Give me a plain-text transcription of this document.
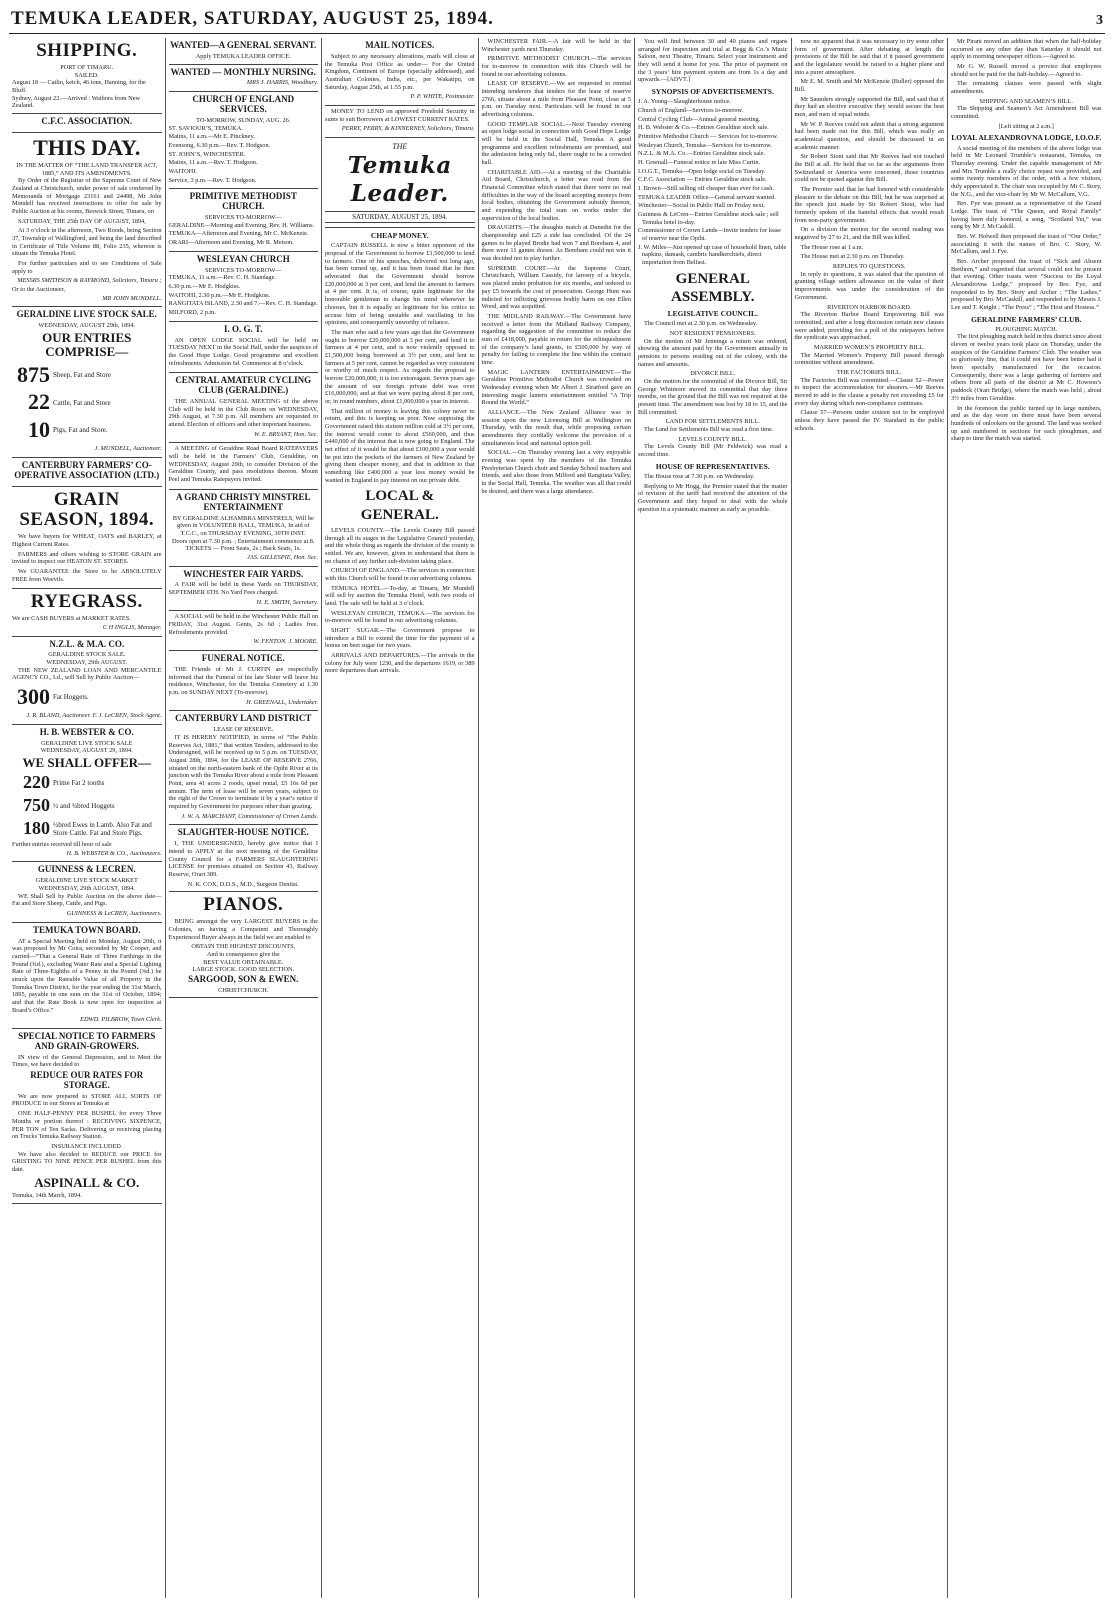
TEMUKA LEADER, SATURDAY, AUGUST 25, 1894.	3
SHIPPING.
PORT OF TIMARU.
SAILED.
August 18 — Catlin, ketch, 46 tons, Hanning, for the Bluff.
Sydney, August 22.—Arrived : Waihora from New Zealand.
C.F.C. ASSOCIATION.
THIS DAY.
IN THE MATTER OF “THE LAND TRANSFER ACT, 1885,” AND ITS AMENDMENTS.

By Order of the Registrar of the Supreme Court of New Zealand at Christchurch, under power of sale conferred by Memoranda of Mortgage 23161 and 24498, Mr John Mundell has received instructions to offer for sale by Public Auction at his rooms, Beswick Street, Timaru, on

SATURDAY, THE 25th DAY OF AUGUST, 1894,

At 3 o’clock in the afternoon, Two Roods, being Section 37, Township of Wallingford, and being the land described in Certificate of Title Volume 88, Folio 235, whereon is situate the Temuka Hotel.

For further particulars and to see Conditions of Sale apply to

MESSRS SMITHSON & RAYMOND, Solicitors, Timaru ;
Or to the Auctioneer,
MR JOHN MUNDELL.
GERALDINE LIVE STOCK SALE.
WEDNESDAY, AUGUST 29th, 1894.
OUR ENTRIES COMPRISE—
875 Sheep, Fat and Store
22 Cattle, Fat and Store
10 Pigs, Fat and Store.
J. MUNDELL, Auctioneer.
CANTERBURY FARMERS’ CO-OPERATIVE ASSOCIATION (LTD.)
GRAIN SEASON, 1894.

We have buyers for WHEAT, OATS and BARLEY, at Highest Current Rates.

FARMERS and others wishing to STORE GRAIN are invited to inspect our HEATON ST. STORES.

We GUARANTEE the Store to be ABSOLUTELY FREE from Weevils.

RYEGRASS.
We are CASH BUYERS at MARKET RATES.
C H INGLIS, Manager.
N.Z.L. & M.A. CO.
GERALDINE STOCK SALE.
WEDNESDAY, 29th AUGUST.

THE NEW ZEALAND LOAN AND MERCANTILE AGENCY CO., Ld., will Sell by Public Auction—

300 Fat Hoggets.
J. R. BLAND, Auctioneer. F. J. LeCREN, Stock Agent.
H. B. WEBSTER & CO.
GERALDINE LIVE STOCK SALE
WEDNESDAY, AUGUST 29, 1894.
WE SHALL OFFER—
220 Prime Fat 2 tooths
750 ½ and ¾bred Hoggets
180 ½bred Ewes in Lamb. Also Fat and Store Cattle. Fat and Store Pigs.
Further entries received till hour of sale
H. B. WEBSTER & CO., Auctioneers.
GUINNESS & LECREN.
GERALDINE LIVE STOCK MARKET
WEDNESDAY, 29th AUGUST, 1894.

WE Shall Sell by Public Auction on the above date— Fat and Store Sheep, Cattle, and Pigs.

GUINNESS & LeCREN, Auctioneers.
TEMUKA TOWN BOARD.

AT a Special Meeting held on Monday, August 20th, it was proposed by Mr Coira, seconded by Mr Cooper, and carried—“That a General Rate of Three Farthings in the Pound (¾d.), excluding Water Rate and a Special Lighting Rate of Three-Eighths of a Penny in the Pound (⅜d.) be struck upon the Rateable Value of all Property in the Temuka Town District, for the year ending the 31st March, 1895, payable in one sum on the 31st of October, 1894; and that the Rate Book is now open for inspection at Board’s Office.”

EDWD. PILBROW, Town Clerk.
SPECIAL NOTICE TO FARMERS AND GRAIN-GROWERS.

IN view of the General Depression, and to Meet the Times, we have decided to

REDUCE OUR RATES FOR STORAGE.

We are now prepared to STORE ALL SORTS OF PRODUCE in our Stores at Temuka at

ONE HALF-PENNY PER BUSHEL for every Three Months or portion thereof : RECEIVING SIXPENCE, PER TON of Ten Sacks. Delivering or receiving placing on Trucks Temuka Railway Station.

INSURANCE INCLUDED.

We have also decided to REDUCE our PRICE for GRISTING TO NINE PENCE PER BUSHEL from this date.

ASPINALL & CO.
Temuka, 14th March, 1894.
WANTED—A GENERAL SERVANT.
Apply TEMUKA LEADER OFFICE.
WANTED — MONTHLY NURSING.
MRS J. HARRIS, Woodbury.
CHURCH OF ENGLAND SERVICES.
TO-MORROW, SUNDAY, AUG. 26.
ST. SAVIOUR’S, TEMUKA.
Matins, 11 a.m.—Mr E. Pinckney.
Evensong, 6.30 p.m.—Rev. T. Hodgson.
ST. JOHN’S, WINCHESTER.
Matins, 11 a.m.—Rev. T. Hodgson.
WAITOHI.
Service, 3 p.m.—Rev. T. Hodgson.
PRIMITIVE METHODIST CHURCH.
SERVICES TO-MORROW—
GERALDINE—Morning and Evening, Rev. H. Williams.
TEMUKA—Afternoon and Evening, Mr C. McKenzie.
ORARI—Afternoon and Evening, Mr R. Metson.
WESLEYAN CHURCH
SERVICES TO-MORROW—
TEMUKA, 11 a.m.—Rev. C. H. Standage.
6.30 p.m.—Mr E. Hodgkiss.
WAITOHI, 2.30 p.m.—Mr E. Hodgkiss.
RANGITATA ISLAND, 2.30 and 7.—Rev. C. H. Standage.
MILFORD, 2 p.m.
I. O. G. T.

AN OPEN LODGE SOCIAL will be held on TUESDAY NEXT in the Social Hall, under the auspices of the Good Hope Lodge. Good programme and excellent refreshments. Admission 6d. Commence at 8 o’clock.

CENTRAL AMATEUR CYCLING CLUB (GERALDINE.)

THE ANNUAL GENERAL MEETING of the above Club will be held in the Club Room on WEDNESDAY, 29th August, at 7.30 p.m. All members are requested to attend. Election of officers and other important business.

W. E. BRYANT, Hon. Sec.

A MEETING of Geraldine Road Board RATEPAYERS will be held in the Farmers’ Club, Geraldine, on WEDNESDAY, August 29th, to consider Division of the Geraldine County, and pass resolutions thereon. Mount Peel and Temuka Ratepayers invited.

A GRAND CHRISTY MINSTREL ENTERTAINMENT
BY GERALDINE ALHAMBRA MINSTRELS, Will be given in VOLUNTEER HALL, TEMUKA, In aid of T.C.C., on THURSDAY EVENING, 30TH INST.
Doors open at 7.30 p.m. ; Entertainment commence at 8.
TICKETS — Front Seats, 2s ; Back Seats, 1s.
JAS. GILLESPIE, Hon. Sec.
WINCHESTER FAIR YARDS.

A FAIR will be held in these Yards on THURSDAY, SEPTEMBER 6TH. No Yard Fees charged.

H. E. SMITH, Secretary.

A SOCIAL will be held in the Winchester Public Hall on FRIDAY, 31st August. Gents, 2s 6d ; Ladies free. Refreshments provided.

W. FENTON. J. MOORE.
FUNERAL NOTICE.

THE Friends of Mr J. CURTIN are respectfully informed that the Funeral of his late Sister will leave his residence, Winchester, for the Temuka Cemetery at 1.30 p.m. on SUNDAY NEXT (To-morrow).

H. GREENALL, Undertaker.
CANTERBURY LAND DISTRICT
LEASE OF RESERVE.

IT IS HEREBY NOTIFIED, in terms of “The Public Reserves Act, 1881,” that written Tenders, addressed to the Undersigned, will be received up to 5 p.m. on TUESDAY, August 28th, 1894, for the LEASE OF RESERVE 2766, situated on the north-eastern bank of the Opihi River at its junction with the Temuka River about a mile from Pleasant Point, area 41 acres 2 roods, upset rental, £5 16s 6d per annum. The term of lease will be seven years, subject to the right of the Crown to terminate it by a year’s notice if required by Government for purposes other than grazing.

J. W. A. MARCHANT, Commissioner of Crown Lands.
SLAUGHTER-HOUSE NOTICE.

I, THE UNDERSIGNED, hereby give notice that I intend to APPLY at the next meeting of the Geraldine County Council for a FARMERS SLAUGHTERING LICENSE for premises situated on Section 43, Railway Reserve, Orari 389.

N. K. COX, D.D.S., M.D., Surgeon Dentist.
PIANOS.

BEING amongst the very LARGEST BUYERS in the Colonies, an having a Competent and Thoroughly Experienced Buyer always in the field we are enabled to

OBTAIN THE HIGHEST DISCOUNTS,
And in consequence give the
BEST VALUE OBTAINABLE.
LARGE STOCK. GOOD SELECTION.
SARGOOD, SON & EWEN.
CHRISTCHURCH.
MAIL NOTICES.

Subject to any necessary alterations, mails will close at the Temuka Post Office as under— For the United Kingdom, Continent of Europe (specially addressed), and Australian Colonies, India, etc., per Wakatipu, on Saturday, August 25th, at 1.55 p.m.

P. P. WHITE, Postmaster.

MONEY TO LEND on approved Freehold Security in sums to suit Borrowers at LOWEST CURRENT RATES.

PERRY, PERRY, & KINNERNEY, Solicitors, Timaru.
THE
Temuka Leader.
SATURDAY, AUGUST 25, 1894.
CHEAP MONEY.

CAPTAIN RUSSELL is now a bitter opponent of the proposal of the Government to borrow £1,500,000 to lend to farmers. One of his speeches, delivered not long ago, has been turned up, and it has been found that he then advocated that the Government should borrow £20,000,000 at 3 per cent, and lend the amount to farmers at 4 per cent. It is, of course, quite legitimate for the honorable gentleman to change his mind whenever he chooses, but it is equally so legitimate for his critics to accuse him of being unstable and vacillating in his opinions, and consequently unworthy of reliance.

The man who said a few years ago that the Government ought to borrow £20,000,000 at 3 per cent, and lend it to farmers at 4 per cent, and is now violently opposed to £1,500,000 being borrowed at 3½ per cent, and lent to farmers at 5 per cent, cannot be regarded as very consistent or worthy of much respect. As regards the proposal to borrow £20,000,000, it is too extravagant. Seven years ago the amount of our foreign private debt was over £16,000,000, and at that we were paying about 8 per cent, or, in round numbers, about £1,000,000 a year in interest.

That million of money is leaving this colony never to return, and this is keeping us poor. Now supposing the Government raised this sixteen million cold at 3½ per cent, the interest would come to about £560,000, and thus £440,000 of the interest that is now going to England. The net effect of it would be that about £100,000 a year would be put into the pockets of the farmers of New Zealand by giving them cheaper money, and that in addition to that something like £400,000 a year less money would be wanted in England to pay interest on our private debt.

LOCAL & GENERAL.

LEVELS COUNTY.—The Levels County Bill passed through all its stages in the Legislative Council yesterday, and the whole thing as regards the division of the county is settled. We are, however, given to understand that there is no chance of any further sub-division taking place.

CHURCH OF ENGLAND.—The services in connection with this Church will be found in our advertising columns.

TEMUKA HOTEL.—To-day, at Timaru, Mr Mundell will sell by auction the Temuka Hotel, with two roods of land. The sale will be held at 3 o’clock.

WESLEYAN CHURCH, TEMUKA.—The services for to-morrow will be found in our advertising columns.

SIGHT SUGAR.—The Government propose to introduce a Bill to extend the time for the payment of a bonus on beet sugar for two years.

ARRIVALS AND DEPARTURES.—The arrivals in the colony for July were 1230, and the departures 1619, or 389 more departures than arrivals.

WINCHESTER FAIR.—A fair will be held in the Winchester yards next Thursday.

PRIMITIVE METHODIST CHURCH.—The services for to-morrow in connection with this Church will be found in our advertising columns.

LEASE OF RESERVE.—We are requested to remind intending tenderers that tenders for the lease of reserve 2766, situate about a mile from Pleasant Point, close at 5 p.m. on Tuesday next. Particulars will be found in our advertising columns.

GOOD TEMPLAR SOCIAL.—Next Tuesday evening an open lodge social in connection with Good Hope Lodge will be held in the Social Hall, Temuka. A good programme and excellent refreshments are promised, and the admission being only 6d., there ought to be a crowded hall.

CHARITABLE AID.—At a meeting of the Charitable Aid Board, Christchurch, a letter was read from the Financial Committee which stated that there were no real difficulties in the way of the board accepting moneys from local bodies, obtaining the Government subsidy thereon, and expending the total sum on works under the supervision of the local bodies.

DRAUGHTS.—The draughts match at Dunedin for the championship and £25 a side has concluded. Of the 24 games to be played Brodie had won 7 and Boreham 4, and there were 11 games drawn. As Boreham could not win it was decided not to play further.

SUPREME COURT.—At the Supreme Court, Christchurch, William Cassidy, for larceny of a bicycle, was placed under probation for six months, and ordered to pay £5 towards the cost of prosecution. George Hunt was indicted for inflicting grievous bodily harm on one Ellen Wood, and was acquitted.

THE MIDLAND RAILWAY.—The Government have received a letter from the Midland Railway Company, regarding the suggestion of the committee to reduce the sum of £418,000, payable in return for the relinquishment of the company’s land grants, to £500,000 by way of penalty for failing to complete the line within the contract time.

MAGIC LANTERN ENTERTAINMENT.—The Geraldine Primitive Methodist Church was crowded on Wednesday evening when Mr Albert J. Stratford gave an interesting magic lantern entertainment entitled “A Trip Round the World.”

ALLIANCE.—The New Zealand Alliance was in session upon the new Licensing Bill at Wellington on Thursday, with the result that, while proposing certain amendments they cordially welcome the provision of a simultaneous local and national option poll.

SOCIAL.—On Thursday evening last a very enjoyable evening was spent by the members of the Temuka Presbyterian Church choir and Sunday School teachers and friends, and also those from Milford and Rangitata Valley, in the Social Hall, Temuka. The weather was all that could be desired, and there was a large attendance.

You will find between 30 and 40 pianos and organs arranged for inspection and trial at Begg & Co.’s Music Saloon, next Theatre, Timaru. Select your instrument and they will send it home for you. The price of payment on the 3 years’ hire payment system are from 1s a day and upwards.—[ADVT.]

SYNOPSIS OF ADVERTISEMENTS.
J. A. Young—Slaughterhouse notice.
Church of England—Services to-morrow.
Central Cycling Club—Annual general meeting.
H. B. Webster & Co.—Entries Geraldine stock sale.
Primitive Methodist Church — Services for to-morrow.
Wesleyan Church, Temuka—Services for to-morrow.
N.Z.L. & M.A. Co.—Entries Geraldine stock sale.
H. Greenall—Funeral notice re late Miss Curtin.
I.O.G.T., Temuka—Open lodge social on Tuesday.
C.F.C. Association — Entries Geraldine stock sale.
J. Brown—Still selling off cheaper than ever for cash.
TEMUKA LEADER Office—General servant wanted.
Winchester—Social in Public Hall on Friday next.
Guinness & LeCren—Entries Geraldine stock sale ; sell Temuka hotel to-day.
Commissioner of Crown Lands—Invite tenders for lease of reserve near the Opihi.
J. W. Miles—Just opened up case of household linen, table napkins, damask, cambric handkerchiefs, direct importation from Belfast.
GENERAL ASSEMBLY.
LEGISLATIVE COUNCIL.

The Council met at 2.30 p.m. on Wednesday.

NOT RESIDENT PENSIONERS.

On the motion of Mr Jennings a return was ordered, showing the amount paid by the Government annually in pensions to persons residing out of the colony, with the names and amounts.

DIVORCE BILL.

On the motion for the committal of the Divorce Bill, Sir George Whitmore moved its committal that day three months, on the ground that the Bill was not required at the present time. The amendment was lost by 18 to 15, and the Bill committed.

LAND FOR SETTLEMENTS BILL.

The Land for Settlements Bill was read a first time.

LEVELS COUNTY BILL.

The Levels County Bill (Mr Feldwick) was read a second time.

HOUSE OF REPRESENTATIVES.

The House rose at 7.30 p.m. on Wednesday.

Replying to Mr Hogg, the Premier stated that the matter of revision of the tariff had received the attention of the Government and they hoped to deal with the whole question in a systematic manner as early as possible.

now no apparent that it was necessary to try some other form of government. After debating at length the provisions of the Bill he said that if it passed government and the legislature would be raised to a higher plane and into a purer atmosphere.

Mr E. M. Smith and Mr McKenzie (Buller) opposed the Bill.

Mr Saunders strongly supported the Bill, and said that if they had an elective executive they would secure the best men, and men of equal minds.

Mr W. P. Reeves could not admit that a strong argument had been made out for this Bill, which was really an academical question, and should be discussed in an academic manner.

Sir Robert Stout said that Mr Reeves had not touched the Bill at all. He held that so far as the arguments from Switzerland or America were concerned, those countries could not be quoted against this Bill.

The Premier said that he had listened with considerable pleasure to the debate on this Bill, but he was surprised at the speech just made by Sir Robert Stout, who had formerly spoken of the baneful effects that would result from non-party government.

On a division the motion for the second reading was negatived by 27 to 21, and the Bill was killed.

The House rose at 1 a.m.

The House met at 2.30 p.m. on Thursday.

REPLIES TO QUESTIONS.

In reply to questions, it was stated that the question of granting village settlers allowance on the value of their improvements was under the consideration of the Government.

RIVERTON HARBOR BOARD.

The Riverton Harbor Board Empowering Bill was committed, and after a long discussion certain new clauses were added, providing for a poll of the ratepayers before the syndicate was approached.

MARRIED WOMEN’S PROPERTY BILL.

The Married Women’s Property Bill passed through committee without amendment.

THE FACTORIES BILL.

The Factories Bill was committed.—Clause 52—Power to inspect the accommodation for shearers.—Mr Reeves moved to add to the clause a penalty not exceeding £5 for every day during which non-compliance continues.

Clause 57—Persons under sixteen not to be employed unless they have passed the IV. Standard in the public schools.

Mr Pirani moved an addition that when the half-holiday occurred on any other day than Saturday it should not apply to morning newspaper offices.—Agreed to.

Mr G. W. Russell moved a proviso that employees should not be paid for the half-holiday.—Agreed to.

The remaining clauses were passed with slight amendments.

SHIPPING AND SEAMEN’S BILL.

The Shipping and Seamen’s Act Amendment Bill was committed.

[Left sitting at 2 a.m.]
LOYAL ALEXANDROVNA LODGE, I.O.O.F.

A social meeting of the members of the above lodge was held in Mr Leonard Trumble’s restaurant, Temuka, on Thursday evening. Under the capable management of Mr and Mrs Trumble a really choice repast was provided, and some twenty members of the order, with a few visitors, duly appreciated it. The chair was occupied by Mr C. Story, the N.G., and the vice-chair by Mr W. McCallum, V.G.

Bro. Fye was present as a representative of the Grand Lodge. The toast of “The Queen, and Royal Family” having been duly honored, a song, “Scotland Yet,” was sung by Mr J. McCaskill.

Bro. W. Holwell then proposed the toast of “Our Order,” associating it with the names of Bro. C. Story, W. McCallum, and J. Fye.

Bro. Archer proposed the toast of “Sick and Absent Brethren,” and regretted that several could not be present that evening. Other toasts were “Success to the Loyal Alexandrovna Lodge,” proposed by Bro. Fye, and responded to by Bro. Story and Archer ; “The Ladies,” proposed by Bro. McCaskill, and responded to by Messrs J. Lee and T. Knight ; “The Press” ; “The Host and Hostess.”

GERALDINE FARMERS’ CLUB.
PLOUGHING MATCH.

The first ploughing match held in this district since about eleven or twelve years took place on Thursday, under the auspices of the Geraldine Farmers’ Club. The weather was so gloriously fine, that it could not have been better had it been specially manufactured for the occasion. Consequently, there was a large gathering of farmers and others from all parts of the district at Mr C. Howson’s paddock (Orari Bridge), where the match was held ; about 3½ miles from Geraldine.

In the forenoon the public turned up in large numbers, and as the day wore on there must have been several hundreds of onlookers on the ground. The land was worked up and numbered in sections for each ploughman, and sharp to time the match was started.
